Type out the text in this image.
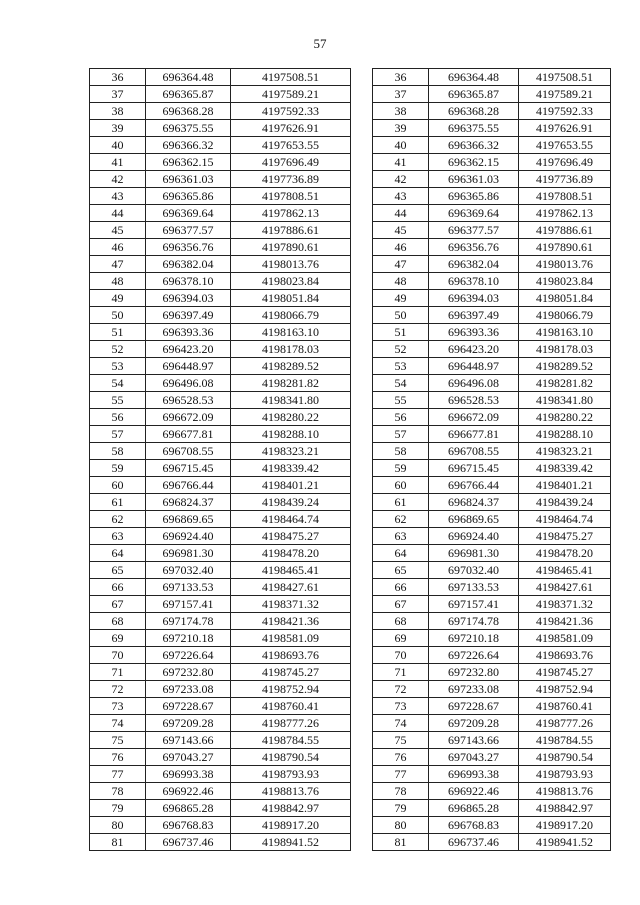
57
36	696364.48	4197508.51
37	696365.87	4197589.21
38	696368.28	4197592.33
39	696375.55	4197626.91
40	696366.32	4197653.55
41	696362.15	4197696.49
42	696361.03	4197736.89
43	696365.86	4197808.51
44	696369.64	4197862.13
45	696377.57	4197886.61
46	696356.76	4197890.61
47	696382.04	4198013.76
48	696378.10	4198023.84
49	696394.03	4198051.84
50	696397.49	4198066.79
51	696393.36	4198163.10
52	696423.20	4198178.03
53	696448.97	4198289.52
54	696496.08	4198281.82
55	696528.53	4198341.80
56	696672.09	4198280.22
57	696677.81	4198288.10
58	696708.55	4198323.21
59	696715.45	4198339.42
60	696766.44	4198401.21
61	696824.37	4198439.24
62	696869.65	4198464.74
63	696924.40	4198475.27
64	696981.30	4198478.20
65	697032.40	4198465.41
66	697133.53	4198427.61
67	697157.41	4198371.32
68	697174.78	4198421.36
69	697210.18	4198581.09
70	697226.64	4198693.76
71	697232.80	4198745.27
72	697233.08	4198752.94
73	697228.67	4198760.41
74	697209.28	4198777.26
75	697143.66	4198784.55
76	697043.27	4198790.54
77	696993.38	4198793.93
78	696922.46	4198813.76
79	696865.28	4198842.97
80	696768.83	4198917.20
81	696737.46	4198941.52
36	696364.48	4197508.51
37	696365.87	4197589.21
38	696368.28	4197592.33
39	696375.55	4197626.91
40	696366.32	4197653.55
41	696362.15	4197696.49
42	696361.03	4197736.89
43	696365.86	4197808.51
44	696369.64	4197862.13
45	696377.57	4197886.61
46	696356.76	4197890.61
47	696382.04	4198013.76
48	696378.10	4198023.84
49	696394.03	4198051.84
50	696397.49	4198066.79
51	696393.36	4198163.10
52	696423.20	4198178.03
53	696448.97	4198289.52
54	696496.08	4198281.82
55	696528.53	4198341.80
56	696672.09	4198280.22
57	696677.81	4198288.10
58	696708.55	4198323.21
59	696715.45	4198339.42
60	696766.44	4198401.21
61	696824.37	4198439.24
62	696869.65	4198464.74
63	696924.40	4198475.27
64	696981.30	4198478.20
65	697032.40	4198465.41
66	697133.53	4198427.61
67	697157.41	4198371.32
68	697174.78	4198421.36
69	697210.18	4198581.09
70	697226.64	4198693.76
71	697232.80	4198745.27
72	697233.08	4198752.94
73	697228.67	4198760.41
74	697209.28	4198777.26
75	697143.66	4198784.55
76	697043.27	4198790.54
77	696993.38	4198793.93
78	696922.46	4198813.76
79	696865.28	4198842.97
80	696768.83	4198917.20
81	696737.46	4198941.52
